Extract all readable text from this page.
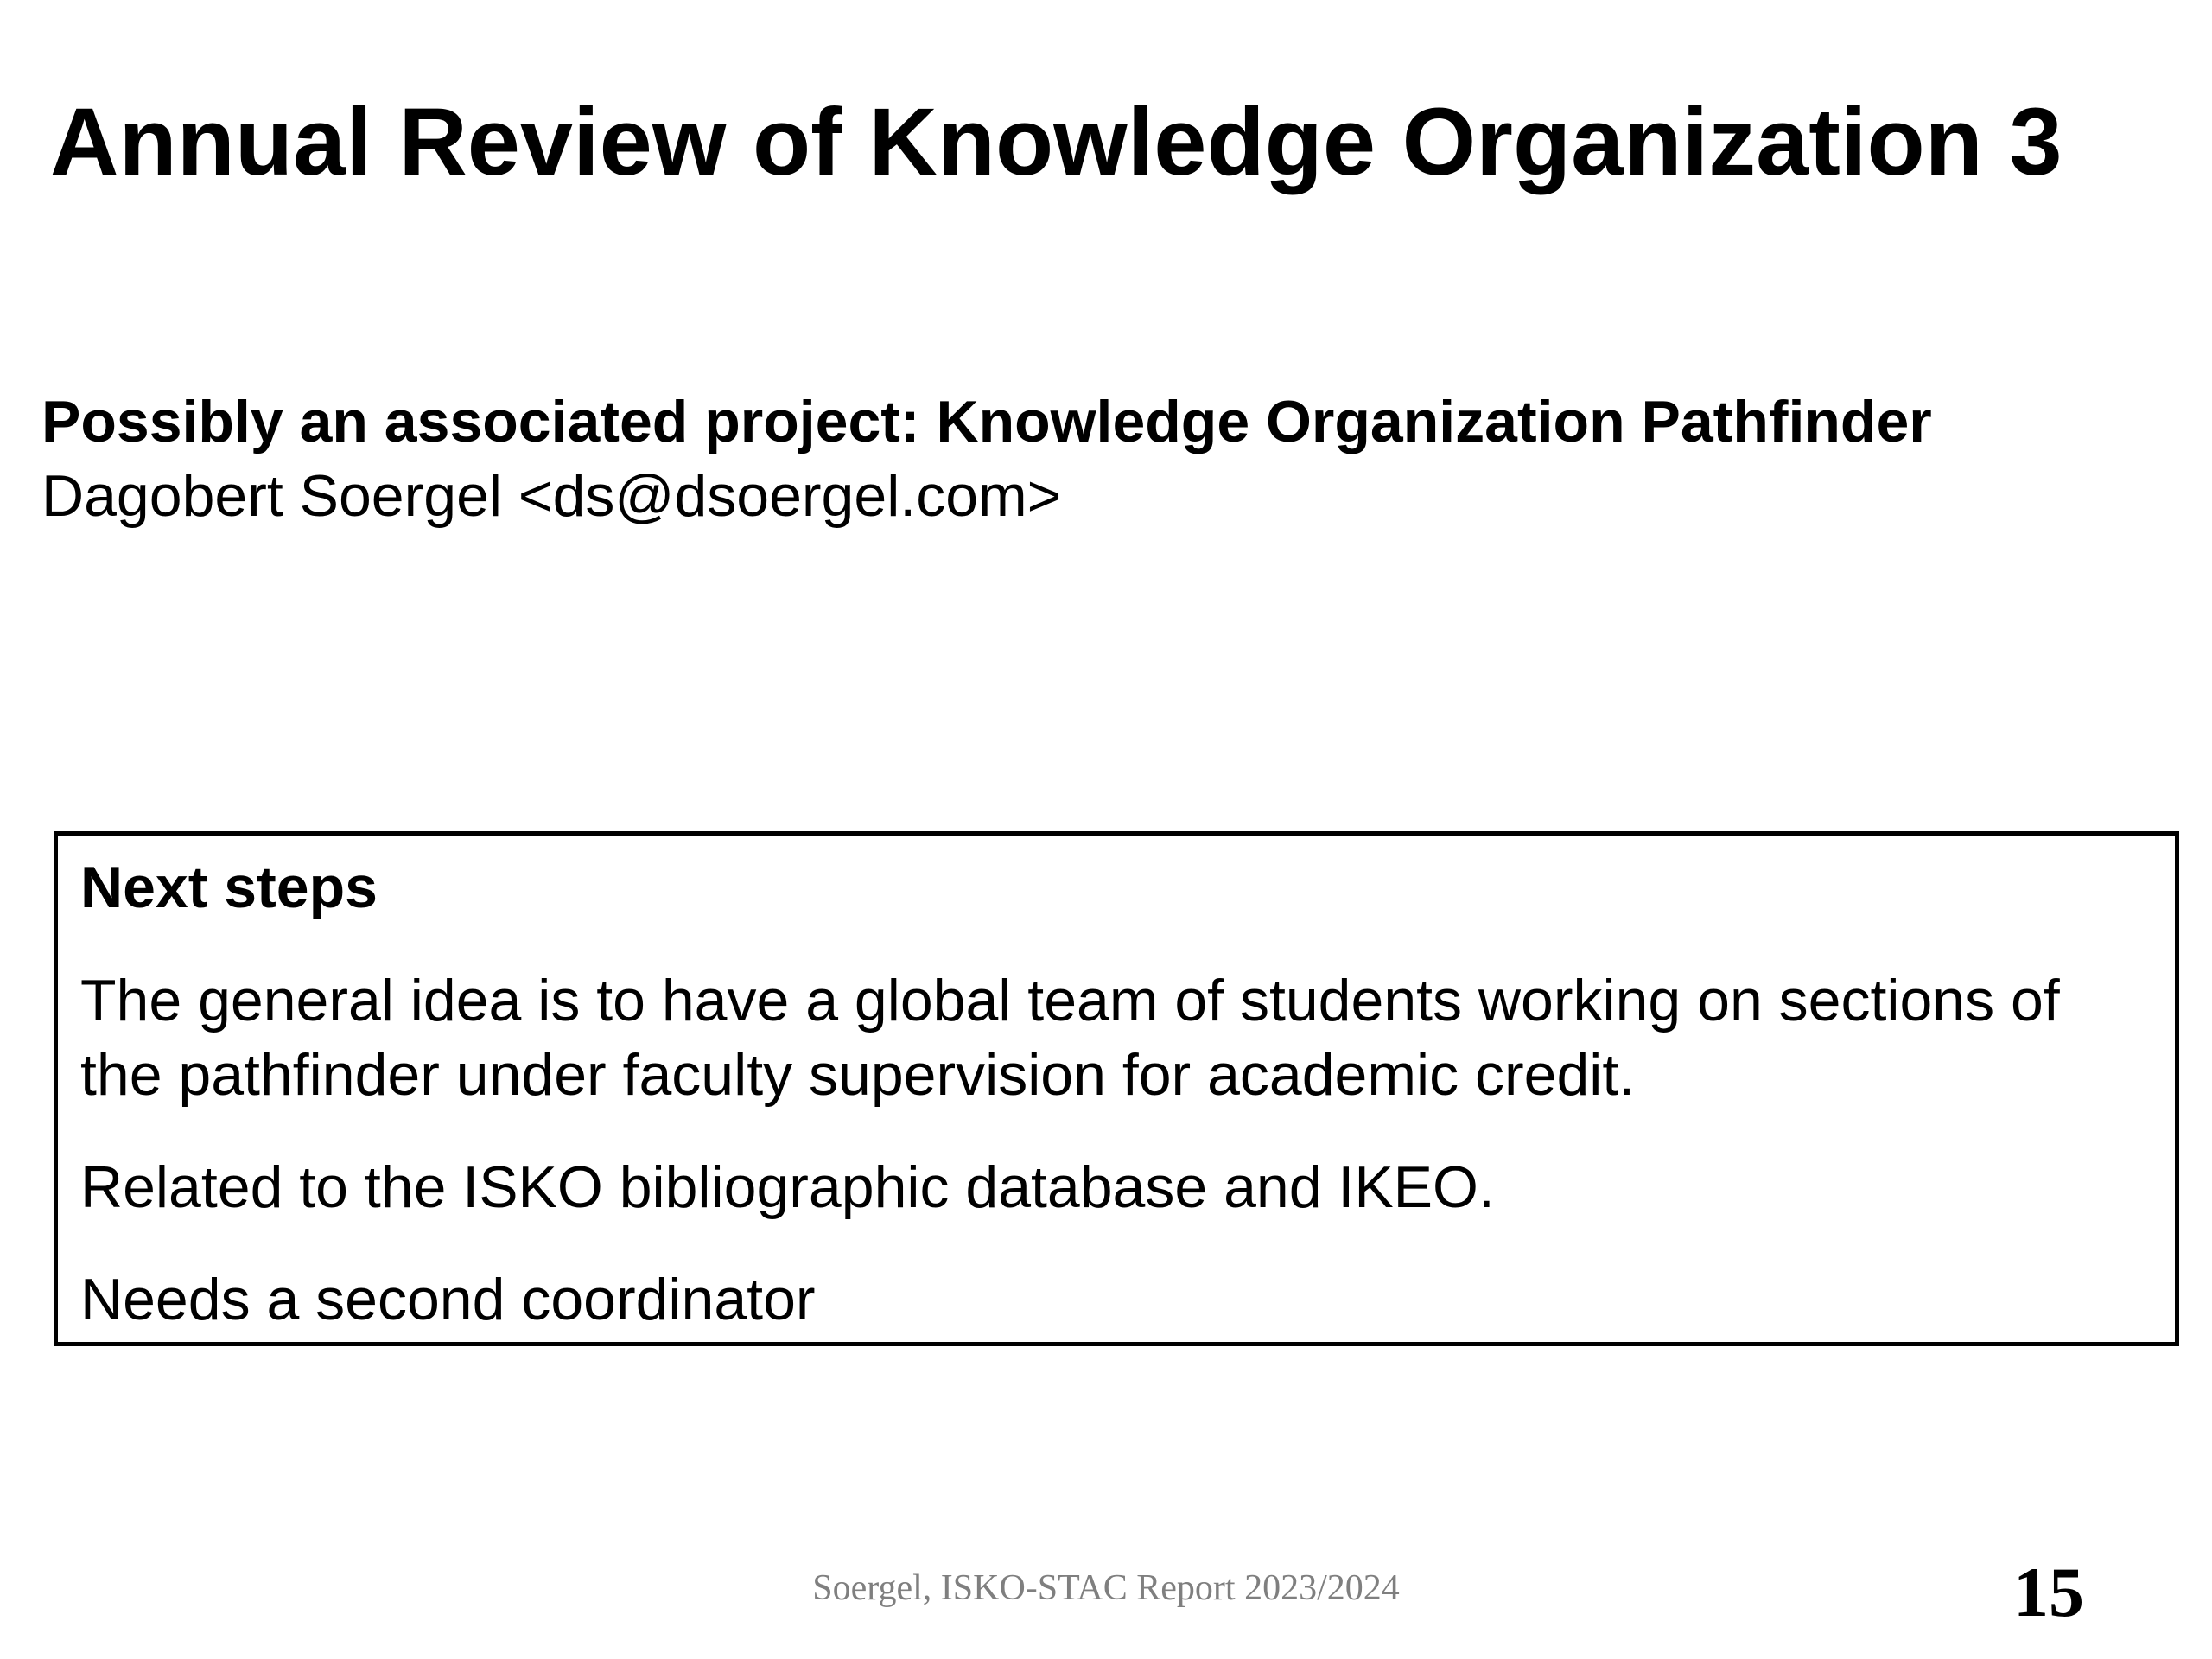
Annual Review of Knowledge Organization 3

Possibly an associated project: Knowledge Organization Pathfinder

Dagobert Soergel <ds@dsoergel.com>

Next steps

The general idea is to have a global team of students working on sections of the pathfinder under faculty supervision for academic credit.

Related to the ISKO bibliographic database and IKEO.

Needs a second coordinator

Soergel, ISKO-STAC Report 2023/2024	15
